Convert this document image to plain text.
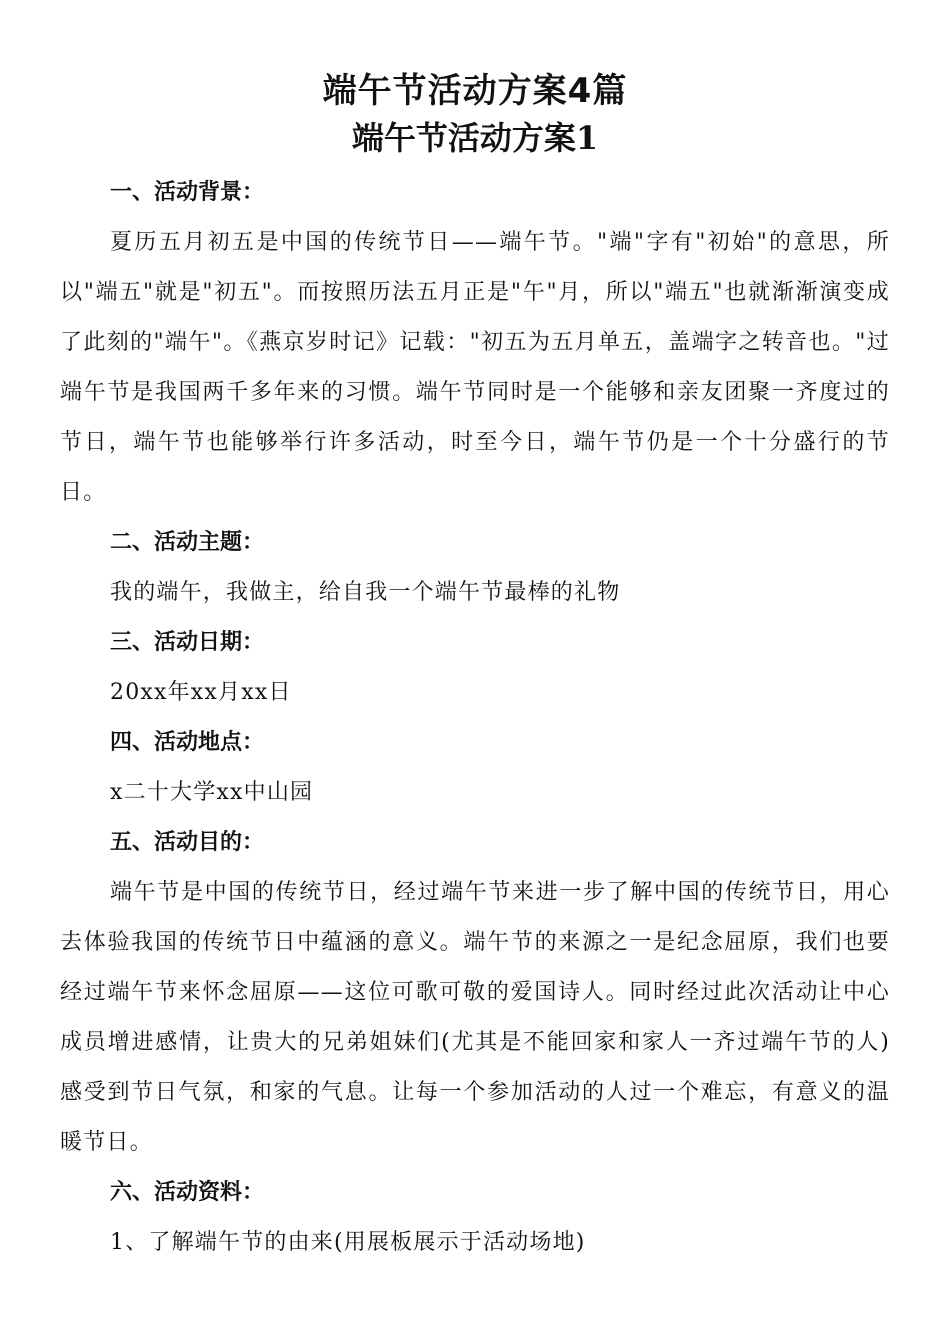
端午节活动方案4篇
端午节活动方案1

一、活动背景：

夏历五月初五是中国的传统节日——端午节。"端"字有"初始"的意思，所以"端五"就是"初五"。而按照历法五月正是"午"月，所以"端五"也就渐渐演变成了此刻的"端午"。《燕京岁时记》记载："初五为五月单五，盖端字之转音也。"过端午节是我国两千多年来的习惯。端午节同时是一个能够和亲友团聚一齐度过的节日，端午节也能够举行许多活动，时至今日，端午节仍是一个十分盛行的节日。

二、活动主题：

我的端午，我做主，给自我一个端午节最棒的礼物

三、活动日期：

20xx年xx月xx日

四、活动地点：

x二十大学xx中山园

五、活动目的：

端午节是中国的传统节日，经过端午节来进一步了解中国的传统节日，用心去体验我国的传统节日中蕴涵的意义。端午节的来源之一是纪念屈原，我们也要经过端午节来怀念屈原——这位可歌可敬的爱国诗人。同时经过此次活动让中心成员增进感情，让贵大的兄弟姐妹们(尤其是不能回家和家人一齐过端午节的人)感受到节日气氛，和家的气息。让每一个参加活动的人过一个难忘，有意义的温暖节日。

六、活动资料：

1、了解端午节的由来(用展板展示于活动场地)
